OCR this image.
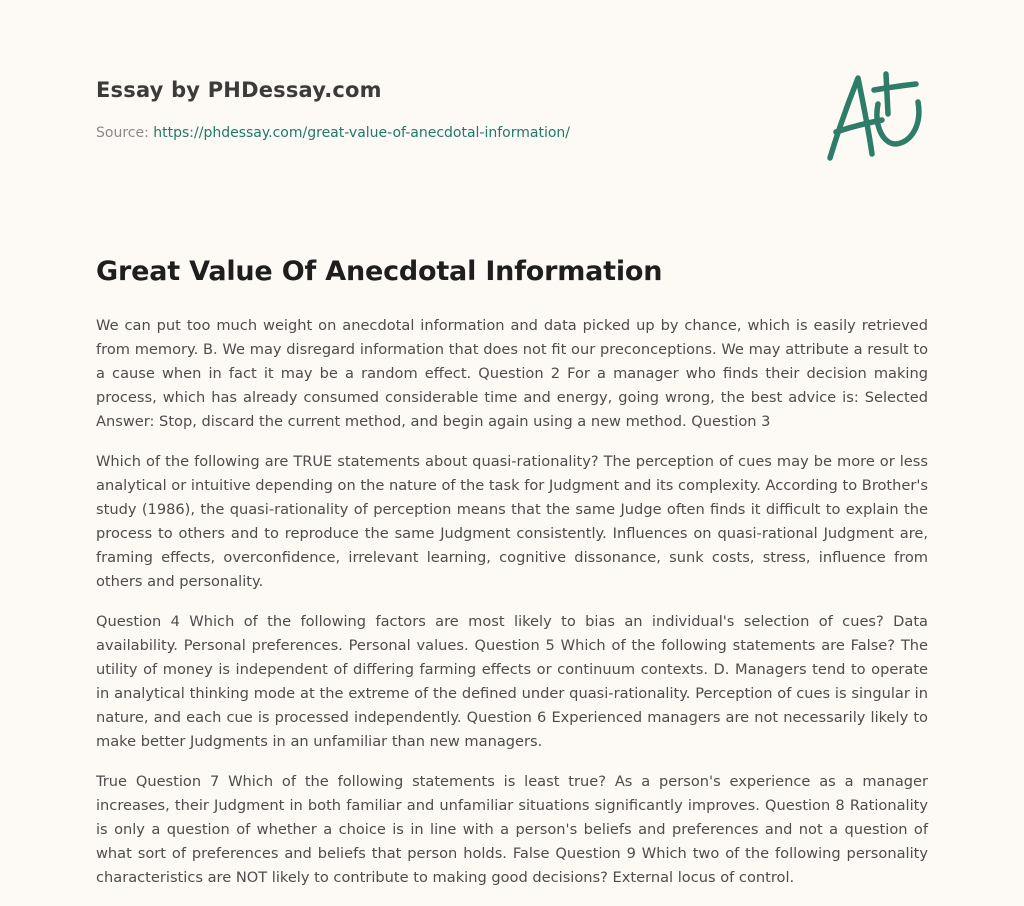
Essay by PHDessay.com
Source: https://phdessay.com/great-value-of-anecdotal-information/
Great Value Of Anecdotal Information

We can put too much weight on anecdotal information and data picked up by chance, which is easily retrieved from memory. B. We may disregard information that does not fit our preconceptions. We may attribute a result to a cause when in fact it may be a random effect. Question 2 For a manager who finds their decision making process, which has already consumed considerable time and energy, going wrong, the best advice is: Selected Answer: Stop, discard the current method, and begin again using a new method. Question 3

Which of the following are TRUE statements about quasi-rationality? The perception of cues may be more or less analytical or intuitive depending on the nature of the task for Judgment and its complexity. According to Brother's study (1986), the quasi-rationality of perception means that the same Judge often finds it difficult to explain the process to others and to reproduce the same Judgment consistently. Influences on quasi-rational Judgment are, framing effects, overconfidence, irrelevant learning, cognitive dissonance, sunk costs, stress, influence from others and personality.

Question 4 Which of the following factors are most likely to bias an individual's selection of cues? Data availability. Personal preferences. Personal values. Question 5 Which of the following statements are False? The utility of money is independent of differing farming effects or continuum contexts. D. Managers tend to operate in analytical thinking mode at the extreme of the defined under quasi-rationality. Perception of cues is singular in nature, and each cue is processed independently. Question 6 Experienced managers are not necessarily likely to make better Judgments in an unfamiliar than new managers.

True Question 7 Which of the following statements is least true? As a person's experience as a manager increases, their Judgment in both familiar and unfamiliar situations significantly improves. Question 8 Rationality is only a question of whether a choice is in line with a person's beliefs and preferences and not a question of what sort of preferences and beliefs that person holds. False Question 9 Which two of the following personality characteristics are NOT likely to contribute to making good decisions? External locus of control.
